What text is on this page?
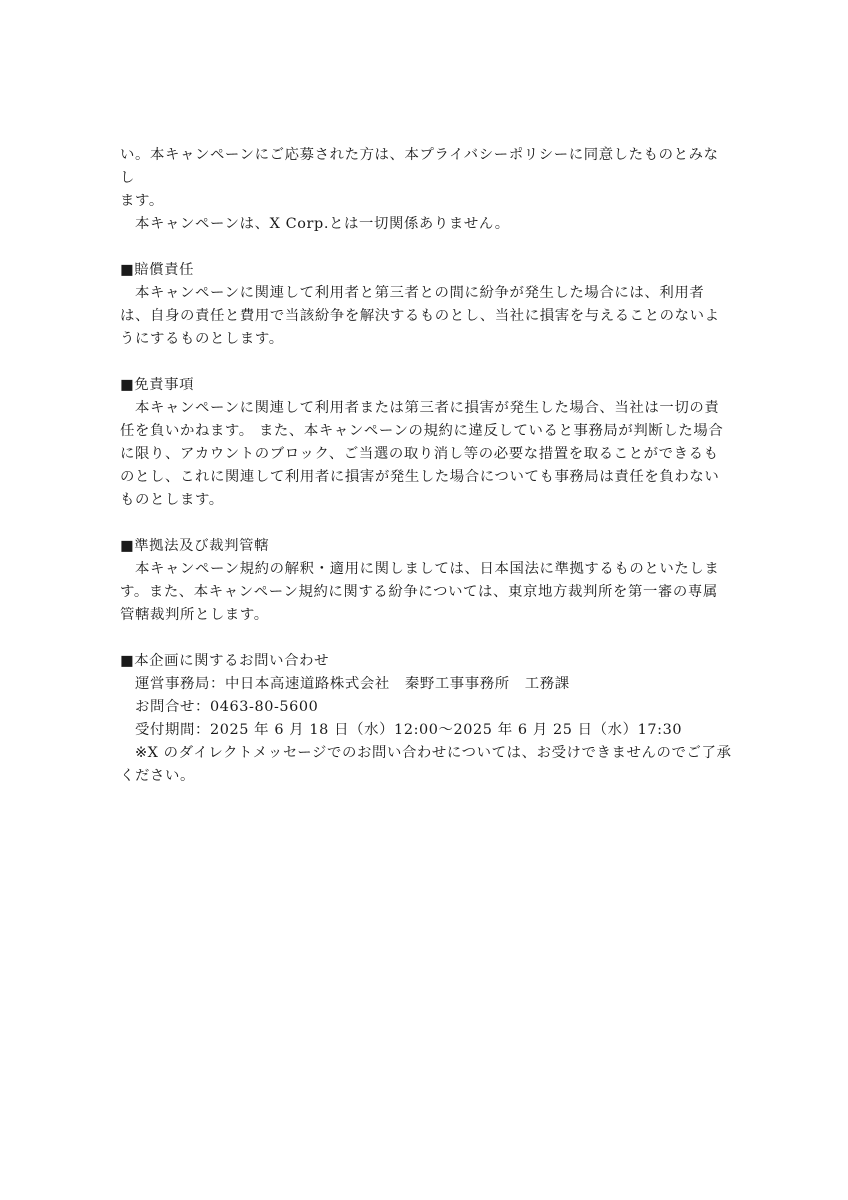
い。本キャンペーンにご応募された方は、本プライバシーポリシーに同意したものとみなし

ます。

本キャンペーンは、X Corp.とは一切関係ありません。

■賠償責任

本キャンペーンに関連して利用者と第三者との間に紛争が発生した場合には、利用者は、自身の責任と費用で当該紛争を解決するものとし、当社に損害を与えることのないようにするものとします。

■免責事項

本キャンペーンに関連して利用者または第三者に損害が発生した場合、当社は一切の責任を負いかねます。 また、本キャンペーンの規約に違反していると事務局が判断した場合に限り、アカウントのブロック、ご当選の取り消し等の必要な措置を取ることができるものとし、これに関連して利用者に損害が発生した場合についても事務局は責任を負わないものとします。

■準拠法及び裁判管轄

本キャンペーン規約の解釈・適用に関しましては、日本国法に準拠するものといたします。また、本キャンペーン規約に関する紛争については、東京地方裁判所を第一審の専属管轄裁判所とします。

■本企画に関するお問い合わせ

運営事務局：中日本高速道路株式会社　秦野工事事務所　工務課

お問合せ：0463-80-5600

受付期間：2025 年 6 月 18 日（水）12:00～2025 年 6 月 25 日（水）17:30

※X のダイレクトメッセージでのお問い合わせについては、お受けできませんのでご了承

ください。
